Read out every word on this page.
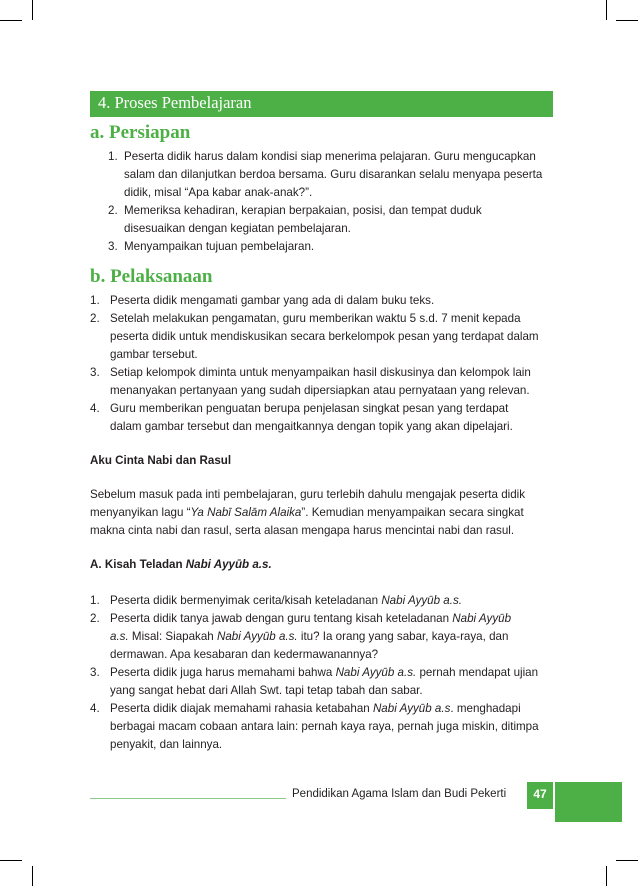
4. Proses Pembelajaran
a. Persiapan
1. Peserta didik harus dalam kondisi siap menerima pelajaran. Guru mengucapkan
salam dan dilanjutkan berdoa bersama. Guru disarankan selalu menyapa peserta
didik, misal “Apa kabar anak-anak?”.
2. Memeriksa kehadiran, kerapian berpakaian, posisi, dan tempat duduk
disesuaikan dengan kegiatan pembelajaran.
3. Menyampaikan tujuan pembelajaran.
b. Pelaksanaan
1. Peserta didik mengamati gambar yang ada di dalam buku teks.
2. Setelah melakukan pengamatan, guru memberikan waktu 5 s.d. 7 menit kepada
peserta didik untuk mendiskusikan secara berkelompok pesan yang terdapat dalam
gambar tersebut.
3. Setiap kelompok diminta untuk menyampaikan hasil diskusinya dan kelompok lain
menanyakan pertanyaan yang sudah dipersiapkan atau pernyataan yang relevan.
4. Guru memberikan penguatan berupa penjelasan singkat pesan yang terdapat
dalam gambar tersebut dan mengaitkannya dengan topik yang akan dipelajari.
Aku Cinta Nabi dan Rasul
Sebelum masuk pada inti pembelajaran, guru terlebih dahulu mengajak peserta didik
menyanyikan lagu “Ya Nabī Salām Alaika”. Kemudian menyampaikan secara singkat
makna cinta nabi dan rasul, serta alasan mengapa harus mencintai nabi dan rasul.
A. Kisah Teladan Nabi Ayyūb a.s.
1. Peserta didik bermenyimak cerita/kisah keteladanan Nabi Ayyūb a.s.
2. Peserta didik tanya jawab dengan guru tentang kisah keteladanan Nabi Ayyūb
a.s. Misal: Siapakah Nabi Ayyūb a.s. itu? Ia orang yang sabar, kaya-raya, dan
dermawan. Apa kesabaran dan kedermawanannya?
3. Peserta didik juga harus memahami bahwa Nabi Ayyūb a.s. pernah mendapat ujian
yang sangat hebat dari Allah Swt. tapi tetap tabah dan sabar.
4. Peserta didik diajak memahami rahasia ketabahan Nabi Ayyūb a.s. menghadapi
berbagai macam cobaan antara lain: pernah kaya raya, pernah juga miskin, ditimpa
penyakit, dan lainnya.
Pendidikan Agama Islam dan Budi Pekerti	47
